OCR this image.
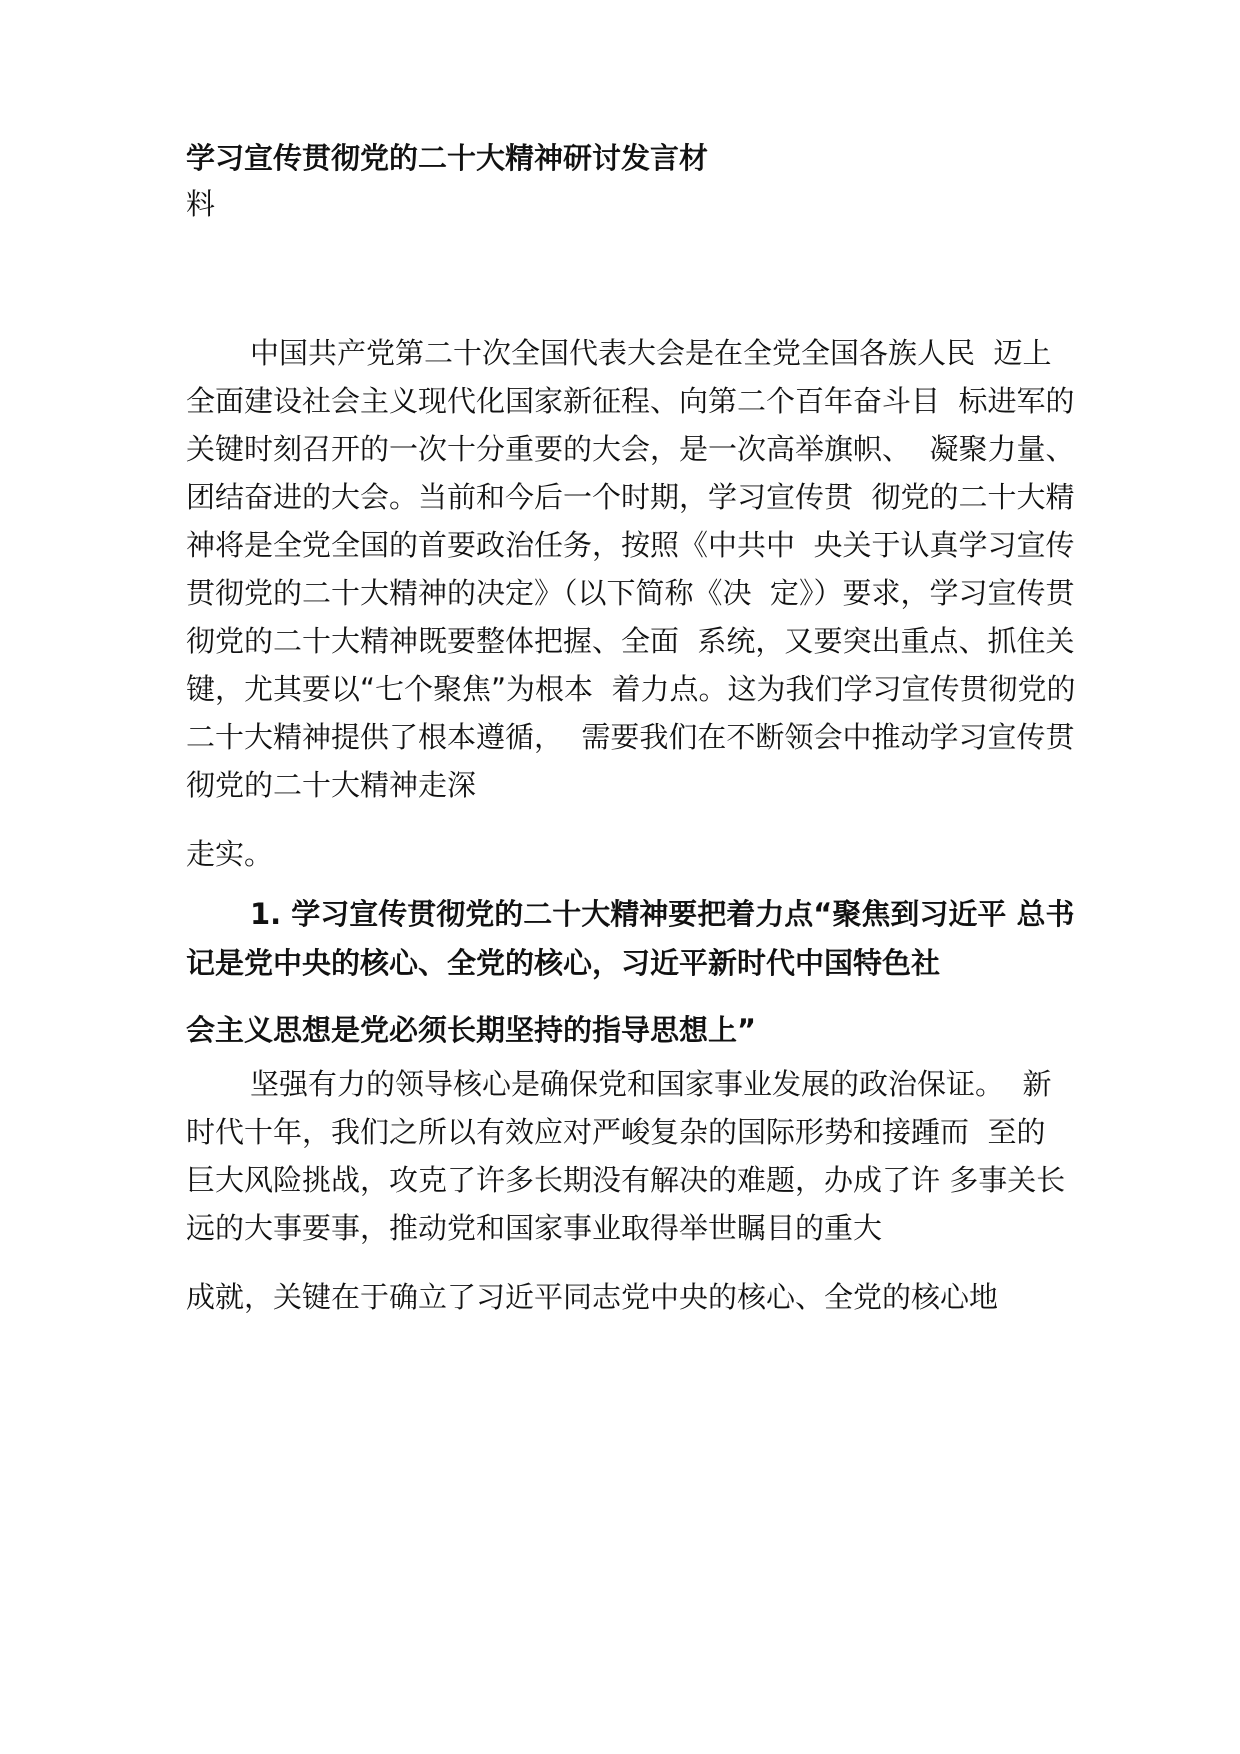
学习宣传贯彻党的二十大精神研讨发言材
料
中国共产党第二十次全国代表大会是在全党全国各族人民  迈上
全面建设社会主义现代化国家新征程、向第二个百年奋斗目  标进军的
关键时刻召开的一次十分重要的大会，是一次高举旗帜、  凝聚力量、
团结奋进的大会。当前和今后一个时期，学习宣传贯  彻党的二十大精
神将是全党全国的首要政治任务，按照《中共中  央关于认真学习宣传
贯彻党的二十大精神的决定》（以下简称《决  定》）要求，学习宣传贯
彻党的二十大精神既要整体把握、全面  系统，又要突出重点、抓住关
键，尤其要以“七个聚焦”为根本  着力点。这为我们学习宣传贯彻党的
二十大精神提供了根本遵循，  需要我们在不断领会中推动学习宣传贯
彻党的二十大精神走深
走实。
1. 学习宣传贯彻党的二十大精神要把着力点“聚焦到习近平 总书
记是党中央的核心、全党的核心，习近平新时代中国特色社
会主义思想是党必须长期坚持的指导思想上”
坚强有力的领导核心是确保党和国家事业发展的政治保证。  新
时代十年，我们之所以有效应对严峻复杂的国际形势和接踵而  至的
巨大风险挑战，攻克了许多长期没有解决的难题，办成了许 多事关长
远的大事要事，推动党和国家事业取得举世瞩目的重大
成就，关键在于确立了习近平同志党中央的核心、全党的核心地
